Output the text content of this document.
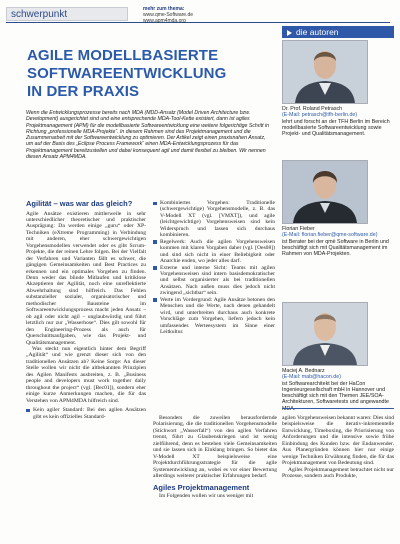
schwerpunkt	mehr zum thema:
www.qme-Software.de
www.apm4mda.org
die autoren
AGILE MODELLBASIERTE
SOFTWAREENTWICKLUNG
IN DER PRAXIS
Wenn die Entwicklungsprozesse bereits nach MDA (MDD-Ansatz (Model Driven Architecture bzw. Development) ausgerichtet sind und eine entsprechende MDA-Tool-Kette existiert, dann ist agiles Projektmanagement (APM) für die modellbasierte Softwareentwicklung eine weitere folgerichtige Schritt in Richtung „professionelle MDA-Projekte“. In diesem Rahmen sind das Projektmanagement und die Zusammenarbeit mit der Softwareentwicklung zu optimieren. Der Artikel zeigt einen praxisnahen Ansatz, um auf der Basis des „Eclipse Process Framework“ einen MDA-Entwicklungsprozess für das Projektmanagement bereitzustellen und dabei konsequent agil und damit flexibel zu bleiben. Wir nennen diesen Ansatz APM4MDA.
Agilität – was war das gleich?

Agile Ansätze existieren mittlerweile in sehr unterschiedlicher theoretischer und praktischer Ausprägung: Da werden einige „guru“ oder XP-Techniken (eXtreme Programming) in Verbindung mit anderen, eher schwergewichtigen Vorgehensmodellen verwendet oder es gibt Scrum-Projekte, die der reinen Lehre folgen. Bei der Vielfalt der Verfahren und Varianten fällt es schwer, die gängigen Gemeinsamkeiten und Best Practices zu erkennen und ein optimales Vorgehen zu finden. Denn weder das blinde Mitlaufen und kritiklose Akzeptieren der Agilität, noch eine unreflektierte Abwehrhaltung sind hilfreich. Das Fehlen substanzieller sozialer, organisatorischer und methodischer Bausteine im Softwareentwicklungsprozess macht jeden Ansatz – ob agil oder nicht agil – unglaubwürdig und führt letztlich nur zur „Wasserhose“. Dies gilt sowohl für den Engineering-Prozess als auch für Querschnittsaufgaben, wie das Projekt- und Qualitätsmanagement.

Was steckt nun eigentlich hinter dem Begriff „Agilität“ und wie grenzt dieser sich von den traditionellen Ansätzen ab? Keine Sorge: An dieser Stelle wollen wir nicht die altbekannten Prinzipien des Agilen Manifests ausbreiten, z. B. „Business people and developers must work together daily throughout the project“ (vgl. [Bec01]), sondern eher einige kurze Anmerkungen machen, die für das Verstehen von APM4MDA hilfreich sind.

Kein agiler Standard: Bei den agilen Ansätzen gibt es kein offizielles Standard-

Kombiniertes Vorgehen: Traditionelle (schwergewichtige) Vorgehensmodelle, z. B. das V-Modell XT (vgl. [VMXT]), und agile (leichtgewichtige) Vorgehensweisen sind kein Widerspruch und lassen sich durchaus kombinieren.

Regelwerk: Auch die agilen Vorgehensweisen kommen mit klaren Vorgaben daher (vgl. [Oes08]) und sind sich nicht in einer Beliebigkeit oder Anarchie enden, wo jeder alles darf.

Externe und interne Sicht: Teams mit agilen Vorgehensweisen sind intern basisdemokratischer und selbst organisierter als bei traditionellen Ansätzen. Nach außen muss dies jedoch nicht zwingend „sichtbar“ sein.

Werte im Vordergrund: Agile Ansätze betonen den Menschen und die Werte, nach denen gehandelt wird, und unterbreiten durchaus auch konkrete Vorschläge zum Vorgehen, liefern jedoch kein umfassendes Werteesystem im Sinne einer Leitkultur.

Besonders die zuweilen herausfordernde Polarisierung, die die traditionellen Vorgehensmodelle (Stichwort „Wasserfall“) von den agilen Verfahren trennt, führt zu Glaubenskriegen und ist wenig zielführend, denn es bestehen viele Gemeinsamkeiten und sie lassen sich in Einklang bringen. So bietet das V-Modell XT beispielsweise eine Projektdurchführungsstrategie für die agile Systementwicklung an, wobei es vor einer Bewertung allerdings weiterer praktischer Erfahrungen bedarf.

Agiles Projektmanagement

Im Folgenden wollen wir uns weniger mit

agilen Vorgehensweisen bekannt waren: Dies sind beispielsweise die iterativ-inkrementelle Entwicklung, Timeboxing, die Priorisierung von Anforderungen und die intensive sowie frühe Einbindung des Kunden bzw. der Endanwender. Aus Planergründen können hier nur einige wenige Techniken Erwähnung finden, die für das Projektmanagement von Bedeutung sind.

Agiles Projektmanagement betrachtet nicht nur Prozesse, sondern auch Produkte,

Dr. Prof. Roland Petrasch
(E-Mail: petrasch@tfh-berlin.de)
lehrt und forscht an der TFH Berlin im Bereich modellbasierte Softwareentwicklung sowie Projekt- und Qualitätsmanagement.
Florian Fieber
(E-Mail: florian.fieber@qme-software.de)
ist Berater bei der qmè Software in Berlin und beschäftigt sich mit Qualitätsmanagement im Rahmen von MDA-Projekten.
Maciej A. Bednarz
(E-Mail: mab@hacon.de)
ist Softwarearchitekt bei der HaCon Ingenieurgesellschaft mbH in Hannover und beschäftigt sich mit den Themen JEE/SOA-Architekturen, Softwaretests und angewandte
